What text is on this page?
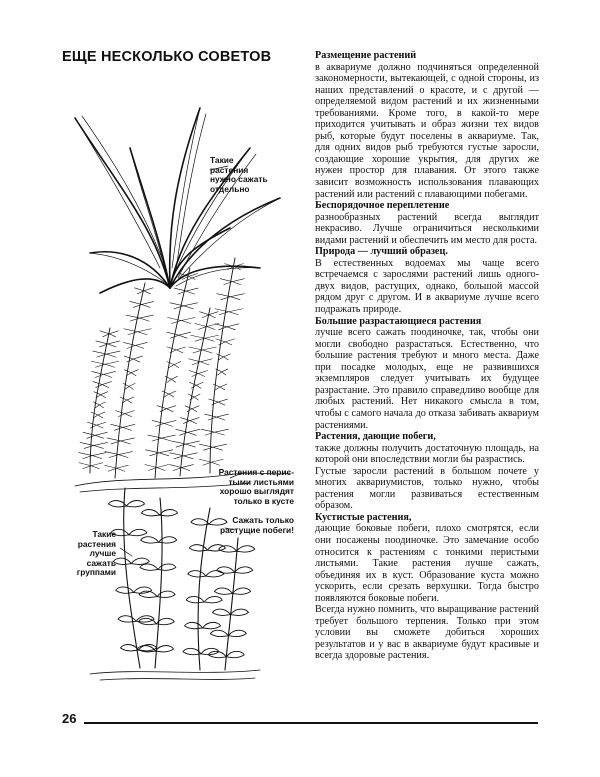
ЕЩЕ НЕСКОЛЬКО СОВЕТОВ
Такие растения
нужно сажать
отдельно
Растения с перис-
тыми листьями
хорошо выглядят
только в кусте
Сажать только
растущие побеги!
Такие
растения
лучше
сажать
группами
Размещение растений

в аквариуме должно подчиняться определенной закономерности, вытекающей, с одной стороны, из наших представлений о красоте, и с другой — определяемой видом растений и их жизненными требованиями. Кроме того, в какой-то мере приходится учитывать и образ жизни тех видов рыб, которые будут поселены в аквариуме. Так, для одних видов рыб требуются густые заросли, создающие хорошие укрытия, для других же нужен простор для плавания. От этого также зависит возможность использования плавающих растений или растений с плавающими побегами.

Беспорядочное переплетение

разнообразных растений всегда выглядит некрасиво. Лучше ограничиться несколькими видами растений и обеспечить им место для роста.

Природа — лучший образец.

В естественных водоемах мы чаще всего встречаемся с зарослями растений лишь одного-двух видов, растущих, однако, большой массой рядом друг с другом. И в аквариуме лучше всего подражать природе.

Большие разрастающиеся растения

лучше всего сажать поодиночке, так, чтобы они могли свободно разрастаться. Естественно, что большие растения требуют и много места. Даже при посадке молодых, еще не развившихся экземпляров следует учитывать их будущее разрастание. Это правило справедливо вообще для любых растений. Нет никакого смысла в том, чтобы с самого начала до отказа забивать аквариум растениями.

Растения, дающие побеги,

также должны получить достаточную площадь, на которой они впоследствии могли бы разрастись.

Густые заросли растений в большом почете у многих аквариумистов, только нужно, чтобы растения могли развиваться естественным образом.

Кустистые растения,

дающие боковые побеги, плохо смотрятся, если они посажены поодиночке. Это замечание особо относится к растениям с тонкими перистыми листьями. Такие растения лучше сажать, объединяя их в куст. Образование куста можно ускорить, если срезать верхушки. Тогда быстро появляются боковые побеги.

Всегда нужно помнить, что выращивание растений требует большого терпения. Только при этом условии вы сможете добиться хороших результатов и у вас в аквариуме будут красивые и всегда здоровые растения.

26
